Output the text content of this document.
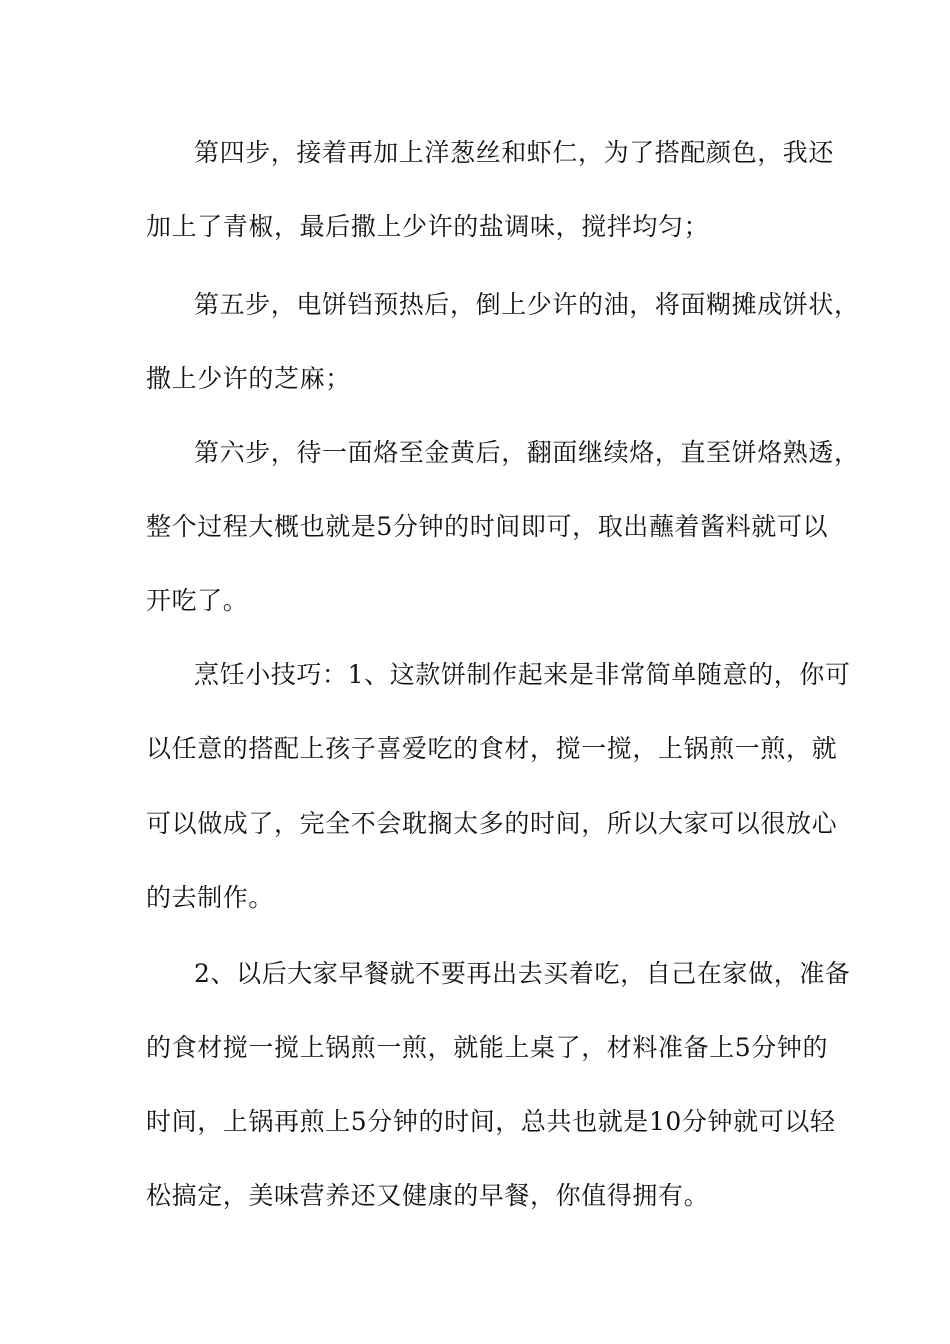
第四步，接着再加上洋葱丝和虾仁，为了搭配颜色，我还
加上了青椒，最后撒上少许的盐调味，搅拌均匀；
第五步，电饼铛预热后，倒上少许的油，将面糊摊成饼状，
撒上少许的芝麻；
第六步，待一面烙至金黄后，翻面继续烙，直至饼烙熟透，
整个过程大概也就是5分钟的时间即可，取出蘸着酱料就可以
开吃了。
烹饪小技巧：1、这款饼制作起来是非常简单随意的，你可
以任意的搭配上孩子喜爱吃的食材，搅一搅，上锅煎一煎，就
可以做成了，完全不会耽搁太多的时间，所以大家可以很放心
的去制作。
2、以后大家早餐就不要再出去买着吃，自己在家做，准备
的食材搅一搅上锅煎一煎，就能上桌了，材料准备上5分钟的
时间，上锅再煎上5分钟的时间，总共也就是10分钟就可以轻
松搞定，美味营养还又健康的早餐，你值得拥有。
